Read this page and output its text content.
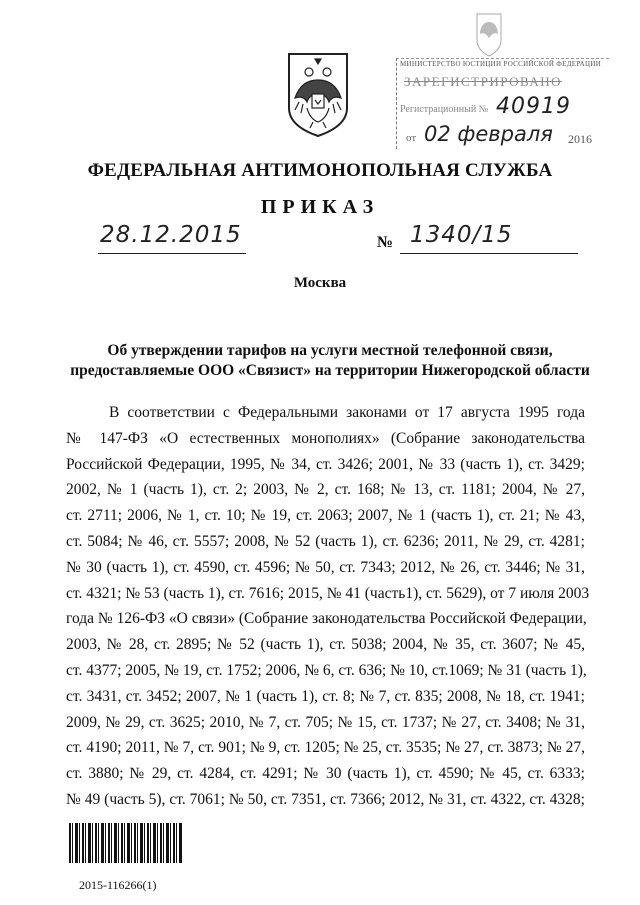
МИНИСТЕРСТВО ЮСТИЦИИ РОССИЙСКОЙ ФЕДЕРАЦИИ
ЗАРЕГИСТРИРОВАНО
Регистрационный № 40919
от 02 февраля 2016
ФЕДЕРАЛЬНАЯ АНТИМОНОПОЛЬНАЯ СЛУЖБА
ПРИКАЗ
28.12.2015	№ 1340/15
Москва
Об утверждении тарифов на услуги местной телефонной связи,
предоставляемые ООО «Связист» на территории Нижегородской области
В соответствии с Федеральными законами от 17 августа 1995 года
№ 147-ФЗ «О естественных монополиях» (Собрание законодательства
Российской Федерации, 1995, № 34, ст. 3426; 2001, № 33 (часть 1), ст. 3429;
2002, № 1 (часть 1), ст. 2; 2003, № 2, ст. 168; № 13, ст. 1181; 2004, № 27,
ст. 2711; 2006, № 1, ст. 10; № 19, ст. 2063; 2007, № 1 (часть 1), ст. 21; № 43,
ст. 5084; № 46, ст. 5557; 2008, № 52 (часть 1), ст. 6236; 2011, № 29, ст. 4281;
№ 30 (часть 1), ст. 4590, ст. 4596; № 50, ст. 7343; 2012, № 26, ст. 3446; № 31,
ст. 4321; № 53 (часть 1), ст. 7616; 2015, № 41 (часть1), ст. 5629), от 7 июля 2003
года № 126-ФЗ «О связи» (Собрание законодательства Российской Федерации,
2003, № 28, ст. 2895; № 52 (часть 1), ст. 5038; 2004, № 35, ст. 3607; № 45,
ст. 4377; 2005, № 19, ст. 1752; 2006, № 6, ст. 636; № 10, ст.1069; № 31 (часть 1),
ст. 3431, ст. 3452; 2007, № 1 (часть 1), ст. 8; № 7, ст. 835; 2008, № 18, ст. 1941;
2009, № 29, ст. 3625; 2010, № 7, ст. 705; № 15, ст. 1737; № 27, ст. 3408; № 31,
ст. 4190; 2011, № 7, ст. 901; № 9, ст. 1205; № 25, ст. 3535; № 27, ст. 3873; № 27,
ст. 3880; № 29, ст. 4284, ст. 4291; № 30 (часть 1), ст. 4590; № 45, ст. 6333;
№ 49 (часть 5), ст. 7061; № 50, ст. 7351, ст. 7366; 2012, № 31, ст. 4322, ст. 4328;
2015-116266(1)
